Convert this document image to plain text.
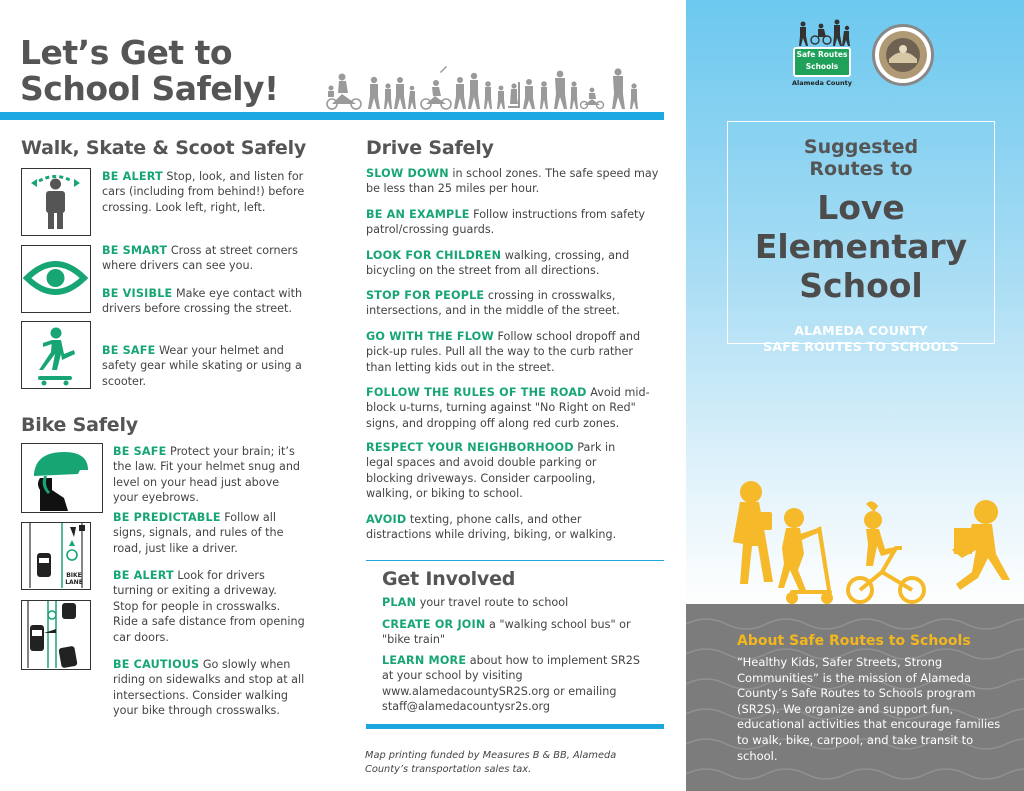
Let’s Get to
School Safely!
Walk, Skate & Scoot Safely
BE ALERT Stop, look, and listen for cars (including from behind!) before crossing. Look left, right, left.
BE SMART Cross at street corners where drivers can see you.
BE VISIBLE Make eye contact with drivers before crossing the street.
BE SAFE Wear your helmet and safety gear while skating or using a scooter.
Bike Safely
BIKE
LANE
BE SAFE Protect your brain; it’s the law. Fit your helmet snug and level on your head just above your eyebrows.
BE PREDICTABLE Follow all signs, signals, and rules of the road, just like a driver.
BE ALERT Look for drivers turning or exiting a driveway. Stop for people in crosswalks. Ride a safe distance from opening car doors.
BE CAUTIOUS Go slowly when riding on sidewalks and stop at all intersections. Consider walking your bike through crosswalks.
Drive Safely
SLOW DOWN in school zones. The safe speed may be less than 25 miles per hour.
BE AN EXAMPLE Follow instructions from safety patrol/crossing guards.
LOOK FOR CHILDREN walking, crossing, and bicycling on the street from all directions.
STOP FOR PEOPLE crossing in crosswalks, intersections, and in the middle of the street.
GO WITH THE FLOW Follow school dropoff and pick-up rules. Pull all the way to the curb rather than letting kids out in the street.
FOLLOW THE RULES OF THE ROAD Avoid mid-block u-turns, turning against "No Right on Red" signs, and dropping off along red curb zones.
RESPECT YOUR NEIGHBORHOOD Park in legal spaces and avoid double parking or blocking driveways. Consider carpooling, walking, or biking to school.
AVOID texting, phone calls, and other distractions while driving, biking, or walking.
Get Involved
PLAN your travel route to school
CREATE OR JOIN a "walking school bus" or "bike train"
LEARN MORE about how to implement SR2S at your school by visiting www.alamedacountySR2S.org or emailing staff@alamedacountysr2s.org
Map printing funded by Measures B & BB, Alameda County’s transportation sales tax.
Safe Routes
Schools
Alameda County
Suggested
Routes to
Love
Elementary
School
ALAMEDA COUNTY
SAFE ROUTES TO SCHOOLS
About Safe Routes to Schools
“Healthy Kids, Safer Streets, Strong Communities” is the mission of Alameda County’s Safe Routes to Schools program (SR2S). We organize and support fun, educational activities that encourage families to walk, bike, carpool, and take transit to school.
